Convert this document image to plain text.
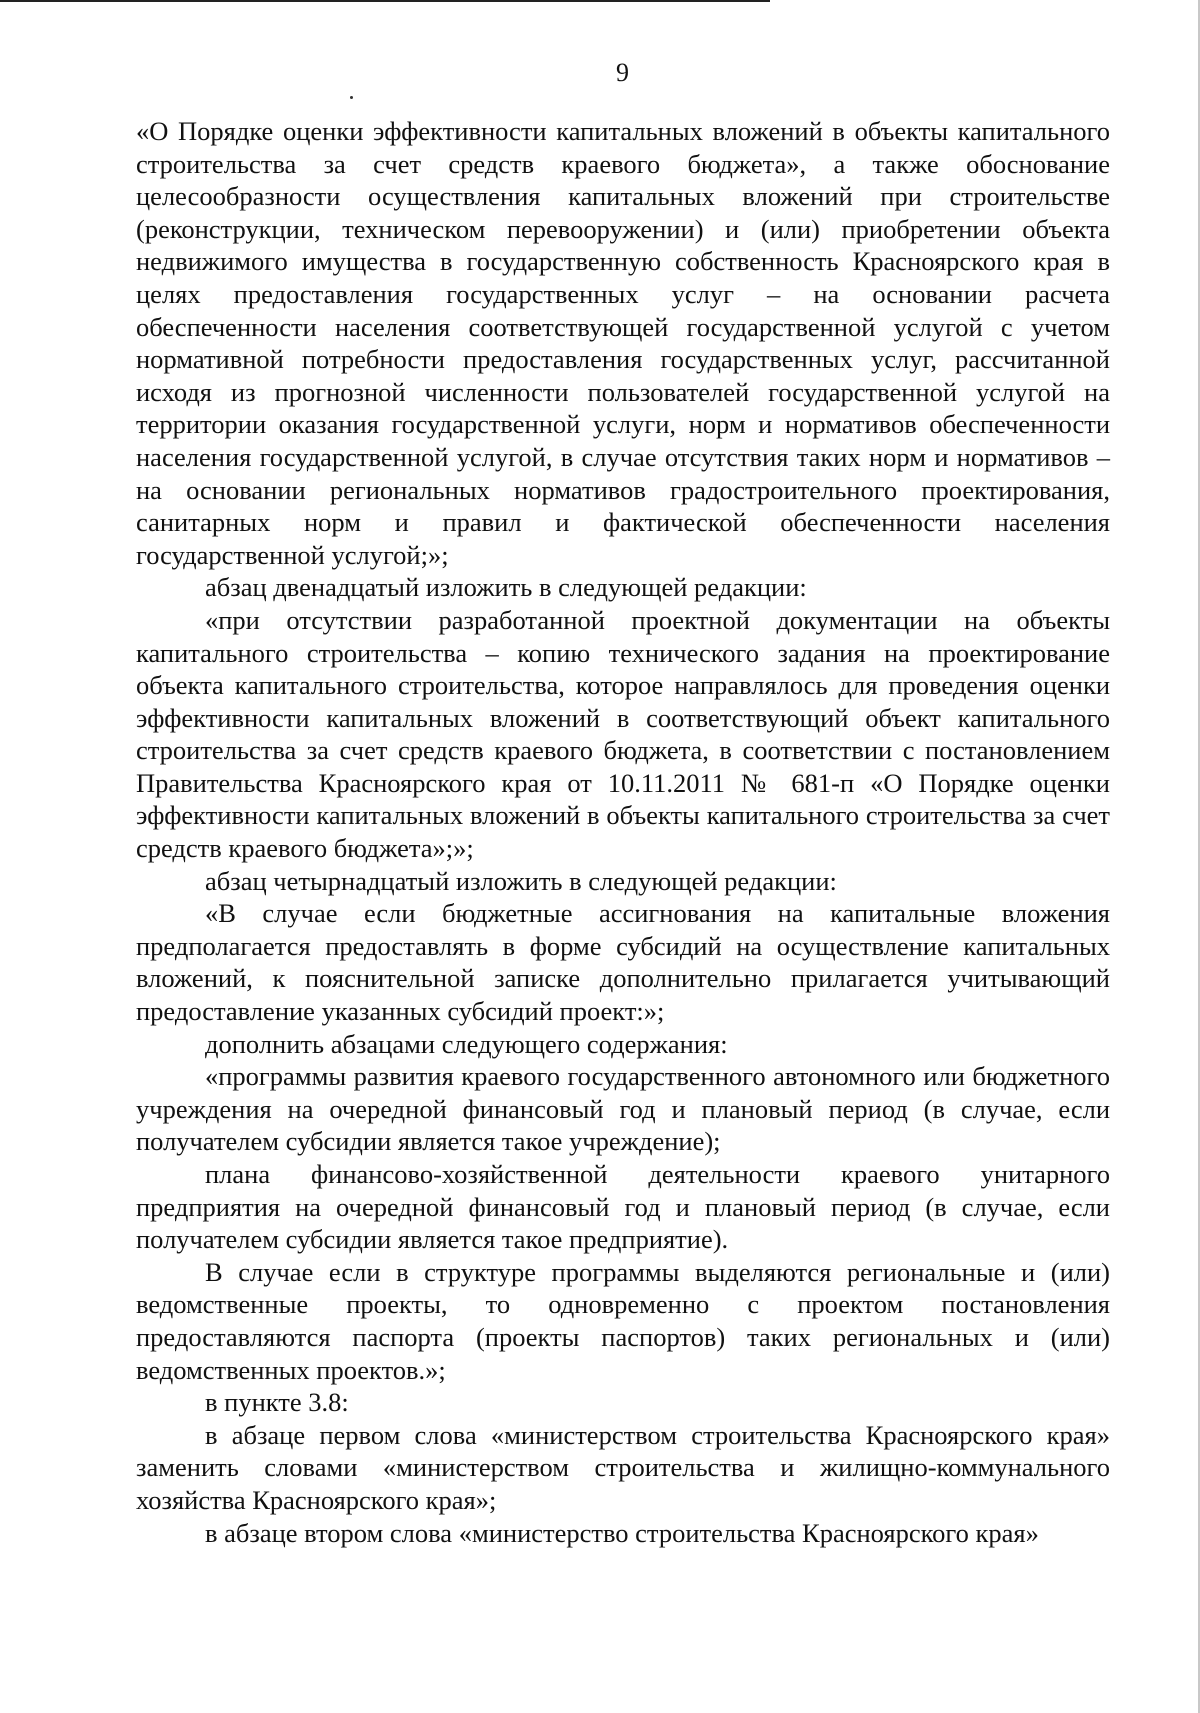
9

«О Порядке оценки эффективности капитальных вложений в объекты капитального строительства за счет средств краевого бюджета», а также обоснование целесообразности осуществления капитальных вложений при строительстве (реконструкции, техническом перевооружении) и (или) приобретении объекта недвижимого имущества в государственную собственность Красноярского края в целях предоставления государственных услуг – на основании расчета обеспеченности населения соответствующей государственной услугой с учетом нормативной потребности предоставления государственных услуг, рассчитанной исходя из прогнозной численности пользователей государственной услугой на территории оказания государственной услуги, норм и нормативов обеспеченности населения государственной услугой, в случае отсутствия таких норм и нормативов – на основании региональных нормативов градостроительного проектирования, санитарных норм и правил и фактической обеспеченности населения государственной услугой;»;

абзац двенадцатый изложить в следующей редакции:

«при отсутствии разработанной проектной документации на объекты капитального строительства – копию технического задания на проектирование объекта капитального строительства, которое направлялось для проведения оценки эффективности капитальных вложений в соответствующий объект капитального строительства за счет средств краевого бюджета, в соответствии с постановлением Правительства Красноярского края от 10.11.2011 № 681-п «О Порядке оценки эффективности капитальных вложений в объекты капитального строительства за счет средств краевого бюджета»;»;

абзац четырнадцатый изложить в следующей редакции:

«В случае если бюджетные ассигнования на капитальные вложения предполагается предоставлять в форме субсидий на осуществление капитальных вложений, к пояснительной записке дополнительно прилагается учитывающий предоставление указанных субсидий проект:»;

дополнить абзацами следующего содержания:

«программы развития краевого государственного автономного или бюджетного учреждения на очередной финансовый год и плановый период (в случае, если получателем субсидии является такое учреждение);

плана финансово-хозяйственной деятельности краевого унитарного предприятия на очередной финансовый год и плановый период (в случае, если получателем субсидии является такое предприятие).

В случае если в структуре программы выделяются региональные и (или) ведомственные проекты, то одновременно с проектом постановления предоставляются паспорта (проекты паспортов) таких региональных и (или) ведомственных проектов.»;

в пункте 3.8:

в абзаце первом слова «министерством строительства Красноярского края» заменить словами «министерством строительства и жилищно-коммунального хозяйства Красноярского края»;

в абзаце втором слова «министерство строительства Красноярского края»
